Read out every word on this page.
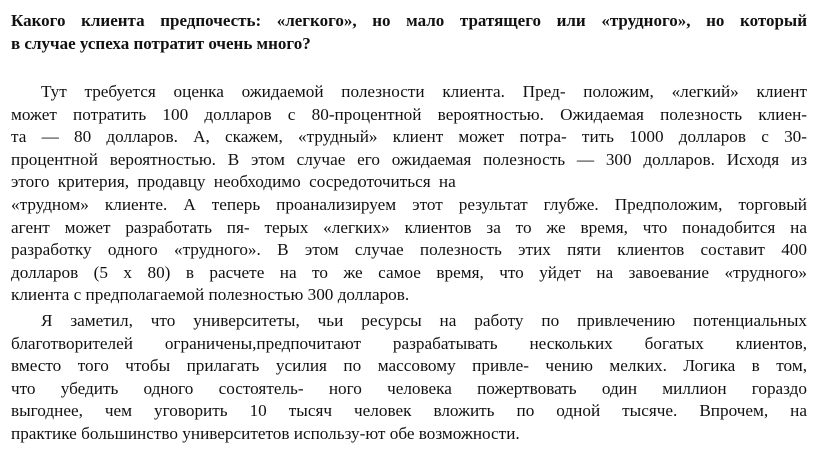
Какого клиента предпочесть: «легкого», но мало тратящего или «трудного», но который
в случае успеха потратит очень много?
Тут требуется оценка ожидаемой полезности клиента. Пред- положим, «легкий» клиент
может потратить 100 долларов с 80-процентной вероятностью. Ожидаемая полезность клиен-
та — 80 долларов. А, скажем, «трудный» клиент может потра- тить 1000 долларов с 30-
процентной вероятностью. В этом случае его ожидаемая полезность — 300 долларов. Исходя из
этого критерия, продавцу необходимо сосредоточиться на
«трудном» клиенте. А теперь проанализируем этот результат глубже. Предположим, торговый
агент может разработать пя- терых «легких» клиентов за то же время, что понадобится на
разработку одного «трудного». В этом случае полезность этих пяти клиентов составит 400
долларов (5 х 80) в расчете на то же самое время, что уйдет на завоевание «трудного»
клиента с предполагаемой полезностью 300 долларов.
Я заметил, что университеты, чьи ресурсы на работу по привлечению потенциальных
благотворителей ограничены,предпочитают разрабатывать нескольких богатых клиентов,
вместо того чтобы прилагать усилия по массовому привле- чению мелких. Логика в том,
что убедить одного состоятель- ного человека пожертвовать один миллион гораздо
выгоднее, чем уговорить 10 тысяч человек вложить по одной тысяче. Впрочем, на
практике большинство университетов использу-ют обе возможности.
